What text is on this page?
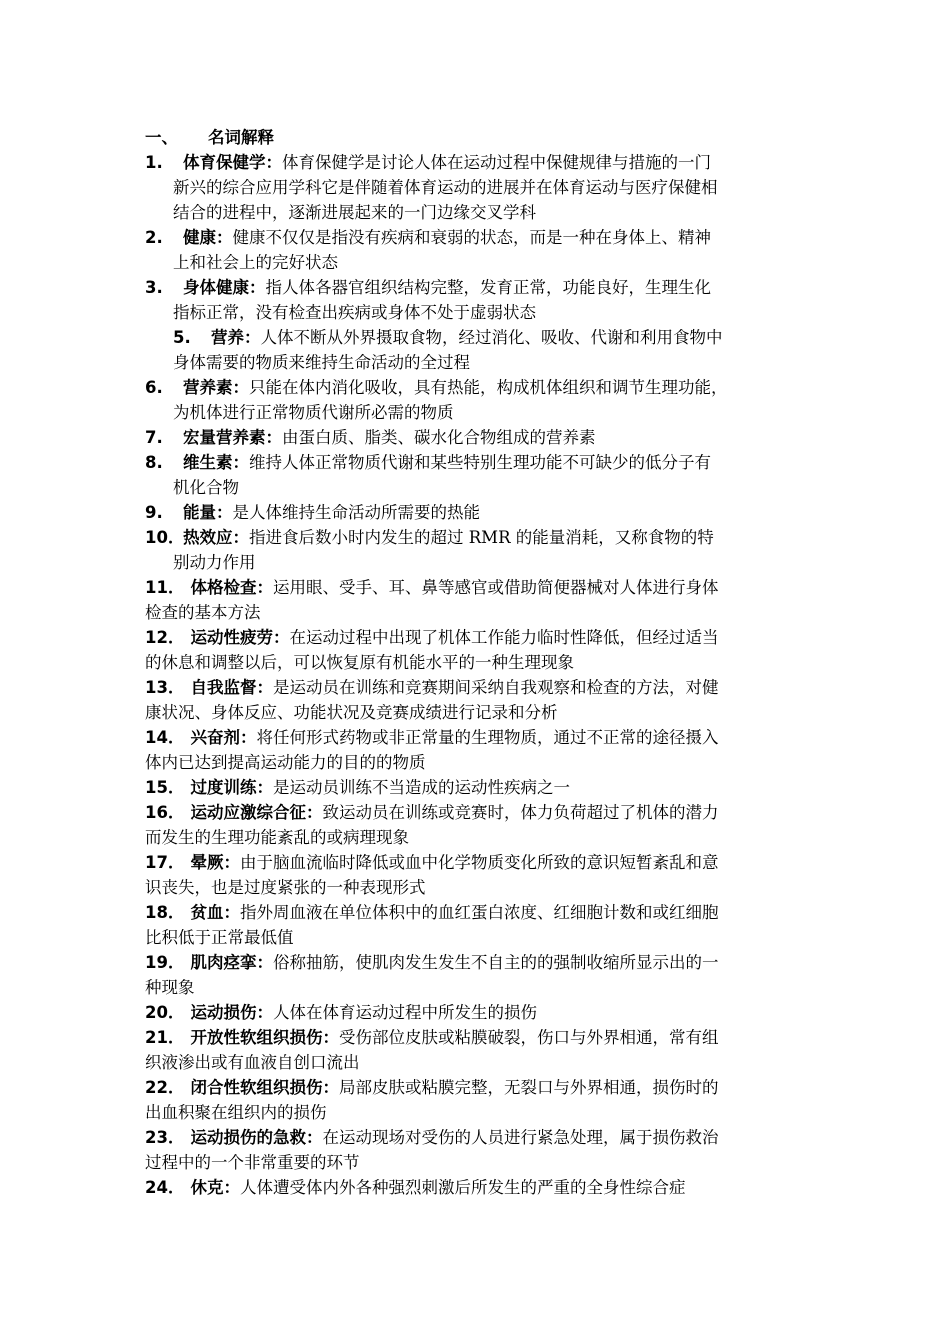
一、 名词解释
1. 体育保健学：体育保健学是讨论人体在运动过程中保健规律与措施的一门
新兴的综合应用学科它是伴随着体育运动的进展并在体育运动与医疗保健相
结合的进程中，逐渐进展起来的一门边缘交叉学科
2. 健康：健康不仅仅是指没有疾病和衰弱的状态，而是一种在身体上、精神
上和社会上的完好状态
3. 身体健康：指人体各器官组织结构完整，发育正常，功能良好，生理生化
指标正常，没有检查出疾病或身体不处于虚弱状态
5. 营养：人体不断从外界摄取食物，经过消化、吸收、代谢和利用食物中
身体需要的物质来维持生命活动的全过程
6. 营养素：只能在体内消化吸收，具有热能，构成机体组织和调节生理功能，
为机体进行正常物质代谢所必需的物质
7. 宏量营养素：由蛋白质、脂类、碳水化合物组成的营养素
8. 维生素：维持人体正常物质代谢和某些特别生理功能不可缺少的低分子有
机化合物
9. 能量：是人体维持生命活动所需要的热能
10．热效应：指进食后数小时内发生的超过 RMR 的能量消耗，又称食物的特
别动力作用
11． 体格检查：运用眼、受手、耳、鼻等感官或借助简便器械对人体进行身体
检查的基本方法
12． 运动性疲劳：在运动过程中出现了机体工作能力临时性降低，但经过适当
的休息和调整以后，可以恢复原有机能水平的一种生理现象
13． 自我监督：是运动员在训练和竞赛期间采纳自我观察和检查的方法，对健
康状况、身体反应、功能状况及竞赛成绩进行记录和分析
14． 兴奋剂：将任何形式药物或非正常量的生理物质，通过不正常的途径摄入
体内已达到提高运动能力的目的的物质
15． 过度训练：是运动员训练不当造成的运动性疾病之一
16． 运动应激综合征：致运动员在训练或竞赛时，体力负荷超过了机体的潜力
而发生的生理功能紊乱的或病理现象
17． 晕厥：由于脑血流临时降低或血中化学物质变化所致的意识短暂紊乱和意
识丧失，也是过度紧张的一种表现形式
18． 贫血：指外周血液在单位体积中的血红蛋白浓度、红细胞计数和或红细胞
比积低于正常最低值
19． 肌肉痉挛：俗称抽筋，使肌肉发生发生不自主的的强制收缩所显示出的一
种现象
20． 运动损伤：人体在体育运动过程中所发生的损伤
21． 开放性软组织损伤：受伤部位皮肤或粘膜破裂，伤口与外界相通，常有组
织液渗出或有血液自创口流出
22． 闭合性软组织损伤：局部皮肤或粘膜完整，无裂口与外界相通，损伤时的
出血积聚在组织内的损伤
23． 运动损伤的急救：在运动现场对受伤的人员进行紧急处理，属于损伤救治
过程中的一个非常重要的环节
24． 休克：人体遭受体内外各种强烈刺激后所发生的严重的全身性综合症
